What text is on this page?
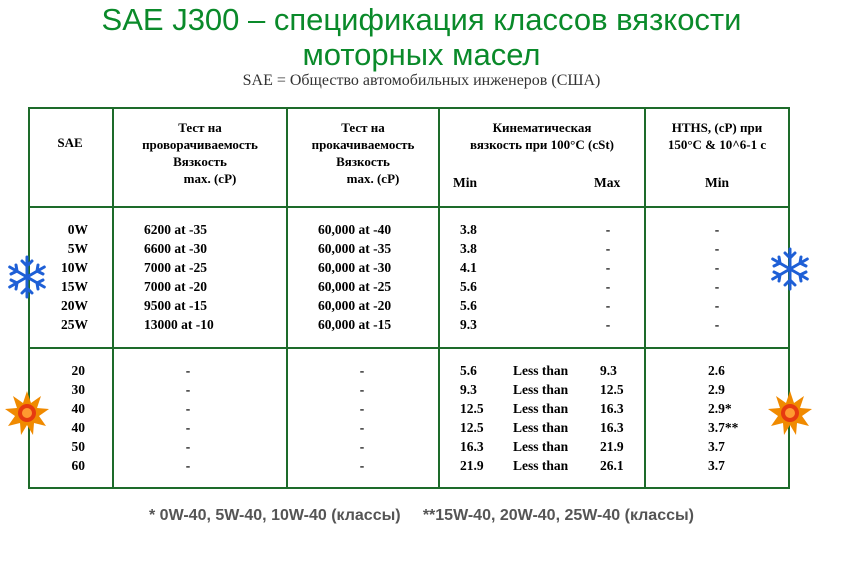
SAE J300 – спецификация классов вязкости
моторных масел
SAE = Общество автомобильных инженеров (США)
SAE
Тест на
проворачиваемость
Вязкость
max. (cP)
Тест на
прокачиваемость
Вязкость
max. (cP)
Кинематическая
вязкость при 100°C (cSt)
Min	Max
HTHS, (cP) при
150°C & 10^6-1 с
Min
0W
5W
10W
15W
20W
25W
6200 at -35
6600 at -30
7000 at -25
7000 at -20
9500 at -15
13000 at -10
60,000 at -40
60,000 at -35
60,000 at -30
60,000 at -25
60,000 at -20
60,000 at -15
3.8
3.8
4.1
5.6
5.6
9.3
-
-
-
-
-
-
-
-
-
-
-
-
20
30
40
40
50
60
-
-
-
-
-
-
-
-
-
-
-
-
5.6
9.3
12.5
12.5
16.3
21.9
Less than
Less than
Less than
Less than
Less than
Less than
9.3
12.5
16.3
16.3
21.9
26.1
2.6
2.9
2.9*
3.7**
3.7
3.7
* 0W-40, 5W-40, 10W-40 (классы)     **15W-40, 20W-40, 25W-40 (классы)
